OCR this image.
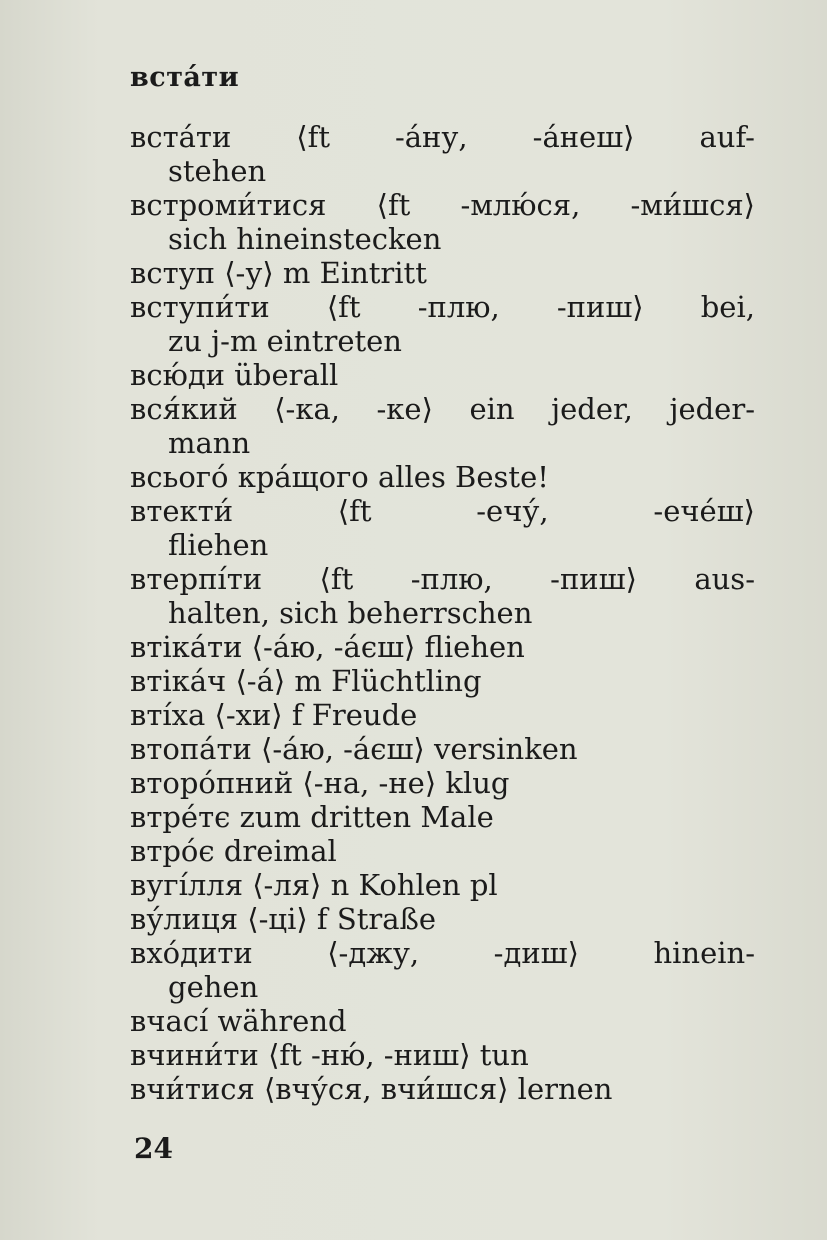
вста́ти
вста́ти ⟨ft -а́ну, -а́неш⟩ auf-
stehen
встроми́тися ⟨ft -млю́ся, -ми́шся⟩
sich hineinstecken
вступ ⟨-у⟩ m Eintritt
вступи́ти ⟨ft -плю, -пиш⟩ bei,
zu j-m eintreten
всю́ди überall
вся́кий ⟨-ка, -ке⟩ ein jeder, jeder-
mann
всього́ кра́щого alles Beste!
втекти́	⟨ft	-ечу́,	-ече́ш⟩
fliehen
втерпі́ти ⟨ft -плю, -пиш⟩ aus-
halten, sich beherrschen
втіка́ти ⟨-а́ю, -а́єш⟩ fliehen
втіка́ч ⟨-а́⟩ m Flüchtling
вті́ха ⟨-хи⟩ f Freude
втопа́ти ⟨-а́ю, -а́єш⟩ versinken
второ́пний ⟨-на, -не⟩ klug
втре́тє zum dritten Male
втро́є dreimal
вугі́лля ⟨-ля⟩ n Kohlen pl
ву́лиця ⟨-ці⟩ f Straße
вхо́дити	⟨-джу,	-диш⟩	hinein-
gehen
вчасі́ während
вчини́ти ⟨ft -ню́, -ниш⟩ tun
вчи́тися ⟨вчу́ся, вчи́шся⟩ lernen
24
